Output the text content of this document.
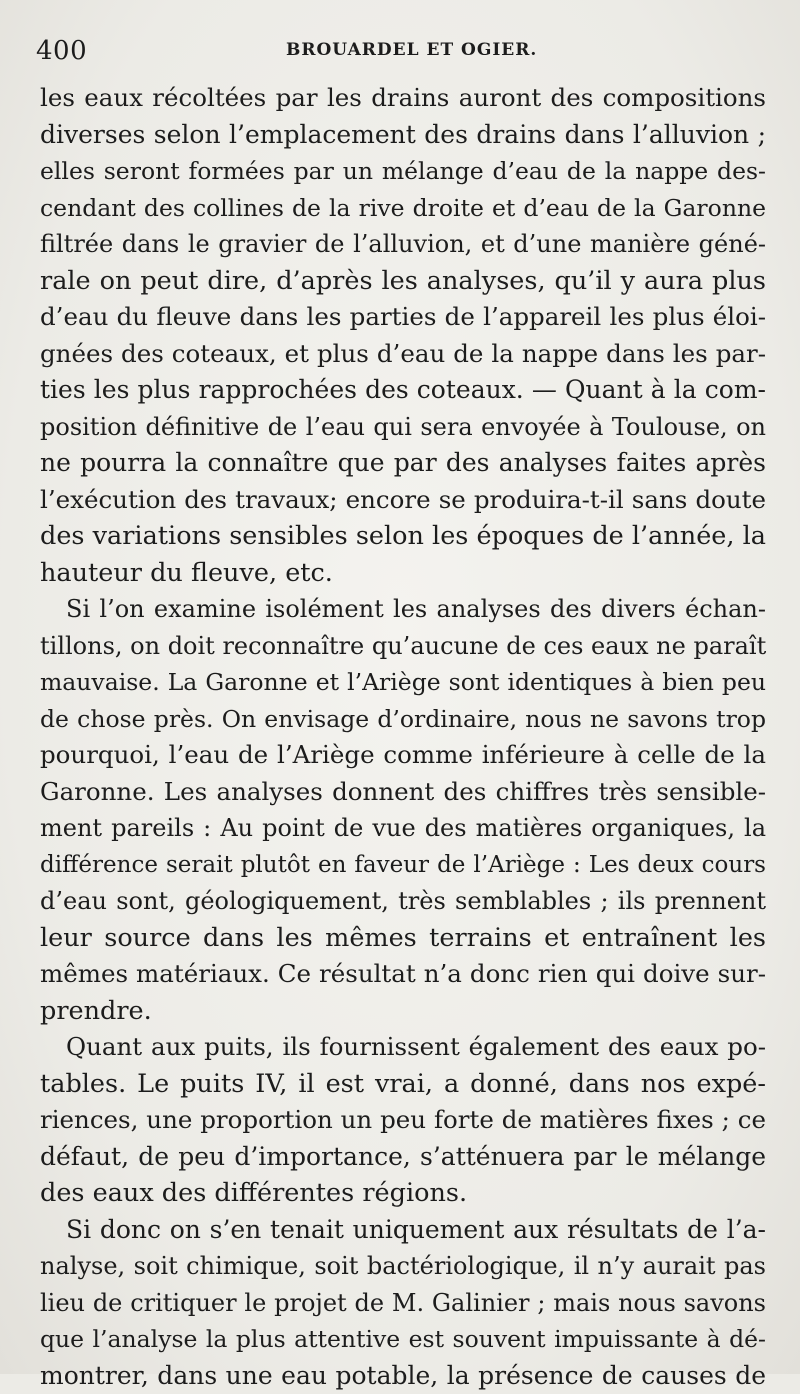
400	BROUARDEL ET OGIER.
les eaux récoltées par les drains auront des compositions
diverses selon l’emplacement des drains dans l’alluvion ;
elles seront formées par un mélange d’eau de la nappe des-
cendant des collines de la rive droite et d’eau de la Garonne
filtrée dans le gravier de l’alluvion, et d’une manière géné-
rale on peut dire, d’après les analyses, qu’il y aura plus
d’eau du fleuve dans les parties de l’appareil les plus éloi-
gnées des coteaux, et plus d’eau de la nappe dans les par-
ties les plus rapprochées des coteaux. — Quant à la com-
position définitive de l’eau qui sera envoyée à Toulouse, on
ne pourra la connaître que par des analyses faites après
l’exécution des travaux; encore se produira-t-il sans doute
des variations sensibles selon les époques de l’année, la
hauteur du fleuve, etc.
Si l’on examine isolément les analyses des divers échan-
tillons, on doit reconnaître qu’aucune de ces eaux ne paraît
mauvaise. La Garonne et l’Ariège sont identiques à bien peu
de chose près. On envisage d’ordinaire, nous ne savons trop
pourquoi, l’eau de l’Ariège comme inférieure à celle de la
Garonne. Les analyses donnent des chiffres très sensible-
ment pareils : Au point de vue des matières organiques, la
différence serait plutôt en faveur de l’Ariège : Les deux cours
d’eau sont, géologiquement, très semblables ; ils prennent
leur source dans les mêmes terrains et entraînent les
mêmes matériaux. Ce résultat n’a donc rien qui doive sur-
prendre.
Quant aux puits, ils fournissent également des eaux po-
tables. Le puits IV, il est vrai, a donné, dans nos expé-
riences, une proportion un peu forte de matières fixes ; ce
défaut, de peu d’importance, s’atténuera par le mélange
des eaux des différentes régions.
Si donc on s’en tenait uniquement aux résultats de l’a-
nalyse, soit chimique, soit bactériologique, il n’y aurait pas
lieu de critiquer le projet de M. Galinier ; mais nous savons
que l’analyse la plus attentive est souvent impuissante à dé-
montrer, dans une eau potable, la présence de causes de
